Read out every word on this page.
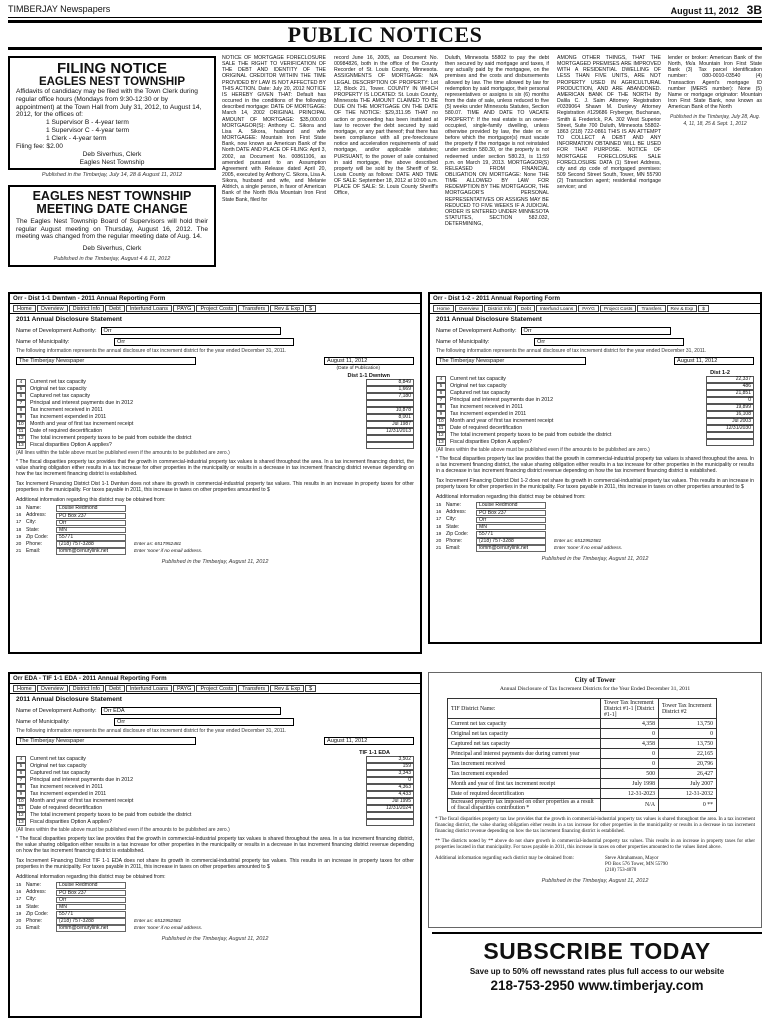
TIMBERJAY Newspapers	August 11, 2012 3B
PUBLIC NOTICES
FILING NOTICE
EAGLES NEST TOWNSHIP
Affidavits of candidacy may be filed with the Town Clerk during regular office hours (Mondays from 9:30-12:30 or by appointment) at the Town Hall from July 31, 2012, to August 14, 2012, for the offices of:
1 Supervisor B - 4-year term
1 Supervisor C - 4-year term
1 Clerk - 4-year term
Filing fee: $2.00
Deb Siverhus, Clerk
Eagles Nest Township
Published in the Timberjay, July 14, 28 & August 11, 2012
EAGLES NEST TOWNSHIP
MEETING DATE CHANGE
The Eagles Nest Township Board of Supervisors will hold their regular August meeting on Thursday, August 16, 2012. The meeting was changed from the regular meeting date of Aug. 14.
Deb Siverhus, Clerk
Published in the Timberjay, August 4 & 11, 2012
NOTICE OF MORTGAGE FORECLOSURE SALE THE RIGHT TO VERIFICATION OF THE DEBT AND IDENTITY OF THE ORIGINAL CREDITOR WITHIN THE TIME PROVIDED BY LAW IS NOT AFFECTED BY THIS ACTION. Date: July 20, 2012 NOTICE IS HEREBY GIVEN THAT: Default has occurred in the conditions of the following described mortgage: DATE OF MORTGAGE: March 14, 2002 ORIGINAL PRINCIPAL AMOUNT OF MORTGAGE: $35,000.00 MORTGAGOR(S): Anthony C. Sikora and Lisa A. Sikora, husband and wife MORTGAGEE: Mountain Iron First State Bank, now known as American Bank of the North DATE AND PLACE OF FILING: April 3, 2002, as Document No. 00861106, as amended pursuant to an Assumption Agreement with Release dated April 20, 2005, executed by Anthony C. Sikora, Lisa A. Sikora, husband and wife, and Melanie Aldrich, a single person, in favor of American Bank of the North f/k/a Mountain Iron First State Bank, filed for
record June 16, 2005, as Document No. 00984826, both in the office of the County Recorder of St. Louis County, Minnesota. ASSIGNMENTS OF MORTGAGE: N/A LEGAL DESCRIPTION OF PROPERTY: Lot 12, Block 21, Tower. COUNTY IN WHICH PROPERTY IS LOCATED: St. Louis County, Minnesota THE AMOUNT CLAIMED TO BE DUE ON THE MORTGAGE ON THE DATE OF THE NOTICE: $29,311.95 THAT no action or proceeding has been instituted at law to recover the debt secured by said mortgage, or any part thereof; that there has been compliance with all pre-foreclosure notice and acceleration requirements of said mortgage, and/or applicable statutes; PURSUANT, to the power of sale contained in said mortgage, the above described property will be sold by the Sheriff of St. Louis County as follows: DATE AND TIME OF SALE: September 18, 2012 at 10:00 a.m. PLACE OF SALE: St. Louis County Sheriff's Office,
Duluth, Minnesota 55802 to pay the debt then secured by said mortgage and taxes, if any actually paid by the mortgagee, on the premises and the costs and disbursements allowed by law. The time allowed by law for redemption by said mortgagor, their personal representatives or assigns is six (6) months from the date of sale, unless reduced to five (5) weeks under Minnesota Statutes, Section 580.07. TIME AND DATE TO VACATE PROPERTY: If the real estate is an owner-occupied, single-family dwelling, unless otherwise provided by law, the date on or before which the mortgagor(s) must vacate the property if the mortgage is not reinstated under section 580.30, or the property is not redeemed under section 580.23, is 11:59 p.m. on March 19, 2013. MORTGAGOR(S) RELEASED FROM FINANCIAL OBLIGATION ON MORTGAGE: None THE TIME ALLOWED BY LAW FOR REDEMPTION BY THE MORTGAGOR, THE MORTGAGOR'S PERSONAL REPRESENTATIVES OR ASSIGNS MAY BE REDUCED TO FIVE WEEKS IF A JUDICIAL ORDER IS ENTERED UNDER MINNESOTA STATUTES, SECTION 582.032, DETERMINING,
AMONG OTHER THINGS, THAT THE MORTGAGED PREMISES ARE IMPROVED WITH A RESIDENTIAL DWELLING OF LESS THAN FIVE UNITS, ARE NOT PROPERTY USED IN AGRICULTURAL PRODUCTION, AND ARE ABANDONED. AMERICAN BANK OF THE NORTH By Dalila C. J. Saim Attorney Registration #0339064 Shawn M. Dunlevy Attorney Registration #129686 Fryberger, Buchanan, Smith & Frederick, P.A. 302 West Superior Street, Suite 700 Duluth, Minnesota 55802-1863 (218) 722-0861 THIS IS AN ATTEMPT TO COLLECT A DEBT AND ANY INFORMATION OBTAINED WILL BE USED FOR THAT PURPOSE. NOTICE OF MORTGAGE FORECLOSURE SALE FORECLOSURE DATA (1) Street Address, city and zip code of mortgaged premises: 509 Second Street South, Tower, MN 55790 (2) Transaction agent; residential mortgage servicer; and
lender or broker: American Bank of the North, f/k/a Mountain Iron First State Bank (3) Tax parcel identification number: 080-0010-03540 (4) Transaction Agent's mortgage ID number (MERS number): None (5) Name or mortgage originator: Mountain Iron First State Bank, now known as American Bank of the North
Published in the Timberjay, July 28, Aug. 4, 11, 18, 25 & Sept. 1, 2012
Orr - Dist 1-1 Dwntwn - 2011 Annual Reporting Form
Home	Overview	District Info	Debt	Interfund Loans	PAYG	Project Costs	Transfers	Rev & Exp	$
2011 Annual Disclosure Statement
Name of Development Authority:	Orr
Name of Municipality:	Orr
The following information represents the annual disclosure of tax increment district for the year ended December 31, 2011.
The Timberjay Newspaper	August 11, 2012
(Date of Publication)
Dist 1-1 Dwntwn
4	Current net tax capacity	8,849
5	Original net tax capacity	1,669
6	Captured net tax capacity	7,180
7	Principal and interest payments due in 2012
8	Tax increment received in 2011	10,878
9	Tax increment expended in 2011	8,001
10	Month and year of first tax increment receipt	Jul 1987
11	Date of required decertification	12/31/2013
12	The total increment property taxes to be paid from outside the district
13	Fiscal disparities Option A applies?
(All lines within the table above must be published even if the amounts to be published are zero.)
* The fiscal disparities property tax provides that the growth in commercial-industrial property tax values is shared throughout the area. In a tax increment financing district, the value sharing obligation either results in a tax increase for other properties in the municipality or results in a decrease in tax increment financing district revenue depending on how the tax increment financing district is established.
Tax Increment Financing District Dist 1-1 Dwntwn does not share its growth in commercial-industrial property tax values. This results in an increase in property taxes for other properties in the municipality. For taxes payable in 2011, this increase in taxes on other properties amounted to $
Additional information regarding this district may be obtained from:
15 Name:	Louise Redmond
16 Address:	PO Box 237
17 City:	Orr
18 State:	MN
19 Zip Code:	55771
20 Phone:	(218) 757-3288	Enter as: 6517952481
21 Email:	lomm@cenurylink.net	Enter 'none' if no email address.
Published in the Timberjay, August 11, 2012
Orr - Dist 1-2 - 2011 Annual Reporting Form
Home	Overview	District Info	Debt	Interfund Loans	PAYG	Project Costs	Transfers	Rev & Exp	$
2011 Annual Disclosure Statement
Name of Development Authority:	Orr
Name of Municipality:	Orr
The following information represents the annual disclosure of tax increment district for the year ended December 31, 2011.
The Timberjay Newspaper	August 11, 2012
Dist 1-2
4	Current net tax capacity	22,337
5	Original net tax capacity	486
6	Captured net tax capacity	21,851
7	Principal and interest payments due in 2012	0
8	Tax increment received in 2011	19,899
9	Tax increment expended in 2011	16,108
10	Month and year of first tax increment receipt	Jul 2003
11	Date of required decertification	12/31/2030
12	The total increment property taxes to be paid from outside the district
13	Fiscal disparities Option A applies?
(All lines within the table above must be published even if the amounts to be published are zero.)
* The fiscal disparities property tax law provides that the growth in commercial-industrial property tax values is shared throughout the area. In a tax increment financing district, the value sharing obligation either results in a tax increase for other properties in the municipality or results in a decrease in tax increment financing district revenue depending on how the tax increment financing district is established.
Tax Increment Financing District Dist 1-2 does not share its growth in commercial-industrial property tax values. This results in an increase in property taxes for other properties in the municipality. For taxes payable in 2011, this increase in taxes on other properties amounted to $
Additional information regarding this district may be obtained from:
15 Name:	Louise Redmond
16 Address:	PO Box 237
17 City:	Orr
18 State:	MN
19 Zip Code:	55771
20 Phone:	(218) 757-3288	Enter as: 6512952581
21 Email:	lomm@cenurylink.net	Enter 'none' if no email address.
Published in the Timberjay, August 11, 2012
Orr EDA - TIF 1-1 EDA - 2011 Annual Reporting Form
Home	Overview	District Info	Debt	Interfund Loans	PAYG	Project Costs	Transfers	Rev & Exp	$
2011 Annual Disclosure Statement
Name of Development Authority:	Orr EDA
Name of Municipality:	Orr
The following information represents the annual disclosure of tax increment district for the year ended December 31, 2011.
The Timberjay Newspaper	August 11, 2012
TIF 1-1 EDA
4	Current net tax capacity	3,502
5	Original net tax capacity	159
6	Captured net tax capacity	3,343
7	Principal and interest payments due in 2012	0
8	Tax increment received in 2011	4,363
9	Tax increment expended in 2011	4,433
10	Month and year of first tax increment receipt	Jul 1995
11	Date of required decertification	12/31/2024
12	The total increment property taxes to be paid from outside the district
13	Fiscal disparities Option A applies?
(All lines within the table above must be published even if the amounts to be published are zero.)
* The fiscal disparities property tax law provides that the growth in commercial-industrial property tax values is shared throughout the area. In a tax increment financing district, the value sharing obligation either results in a tax increase for other properties in the municipality or results in a decrease in tax increment financing district revenue depending on how the tax increment financing district is established.
Tax Increment Financing District TIF 1-1 EDA does not share its growth in commercial-industrial property tax values. This results in an increase in property taxes for other properties in the municipality. For taxes payable in 2011, this increase in taxes on other properties amounted to $
Additional information regarding this district may be obtained from:
15 Name:	Louise Redmond
16 Address:	PO Box 237
17 City:	Orr
18 State:	MN
19 Zip Code:	55771
20 Phone:	(218) 757-3288	Enter as: 6512952581
21 Email:	lomm@cenurylink.net	Enter 'none' if no email address.
Published in the Timberjay, August 11, 2012
City of Tower
Annual Disclosure of Tax Increment Districts for the Year Ended December 31, 2011
TIF District Name:	Tower Tax Increment District #1-1 [District #1-1]	Tower Tax Increment District #2
Current net tax capacity	4,358	13,750
Original net tax capacity	0	0
Captured net tax capacity	4,358	13,750
Principal and interest payments due during current year	0	22,165
Tax increment received	0	20,796
Tax increment expended	500	26,427
Month and year of first tax increment receipt	July 1998	July 2007
Date of required decertification	12-31-2023	12-31-2032
Increased property tax imposed on other properties as a result of fiscal disparities contribution *	N/A	0 **
* The fiscal disparities property tax law provides that the growth in commercial-industrial property tax values is shared throughout the area. In a tax increment financing district, the value sharing obligation either results in a tax increase for other properties in the municipality or results in a decrease in tax increment financing district revenue depending on how the tax increment financing district is established.
** The districts noted by ** above do not share growth in commercial-industrial property tax values. This results in an increase in property taxes for other properties located in that municipality. For taxes payable in 2011, this increase in taxes on other properties amounted to the values listed above.
Additional information regarding each district may be obtained from:	Steve Abrahamson, Mayor
PO Box 576 Tower, MN 55790
(218) 753-4070
Published in the Timberjay, August 11, 2012
SUBSCRIBE TODAY
Save up to 50% off newsstand rates plus full access to our website
218-753-2950 www.timberjay.com
